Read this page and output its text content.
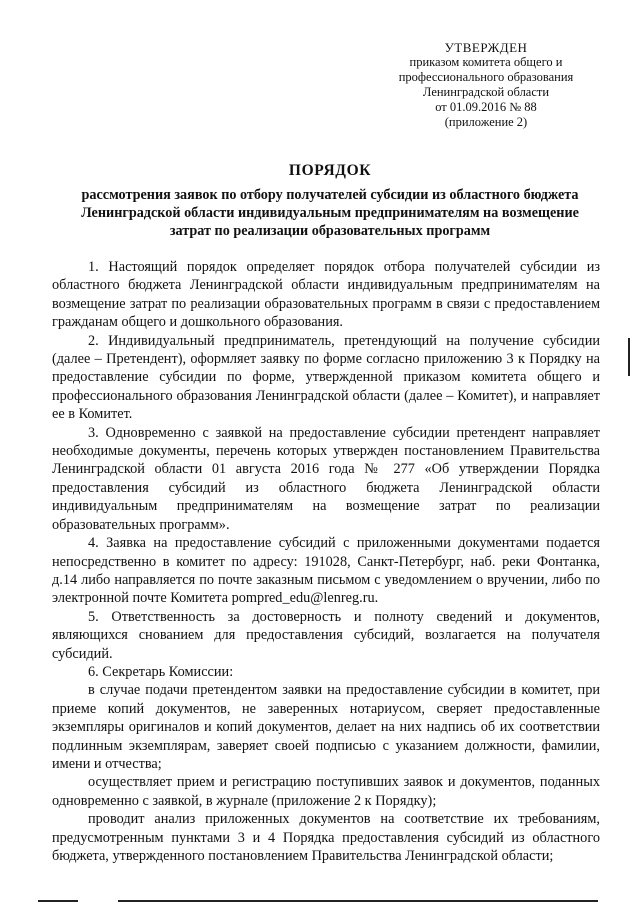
УТВЕРЖДЕН
приказом комитета общего и
профессионального образования
Ленинградской области
от 01.09.2016 № 88
(приложение 2)
ПОРЯДОК
рассмотрения заявок по отбору получателей субсидии из областного бюджета Ленинградской области индивидуальным предпринимателям на возмещение затрат по реализации образовательных программ

1. Настоящий порядок определяет порядок отбора получателей субсидии из областного бюджета Ленинградской области индивидуальным предпринимателям на возмещение затрат по реализации образовательных программ в связи с предоставлением гражданам общего и дошкольного образования.

2. Индивидуальный предприниматель, претендующий на получение субсидии (далее – Претендент), оформляет заявку по форме согласно приложению 3 к Порядку на предоставление субсидии по форме, утвержденной приказом комитета общего и профессионального образования Ленинградской области (далее – Комитет), и направляет ее в Комитет.

3. Одновременно с заявкой на предоставление субсидии претендент направляет необходимые документы, перечень которых утвержден постановлением Правительства Ленинградской области 01 августа 2016 года № 277 «Об утверждении Порядка предоставления субсидий из областного бюджета Ленинградской области индивидуальным предпринимателям на возмещение затрат по реализации образовательных программ».

4. Заявка на предоставление субсидий с приложенными документами подается непосредственно в комитет по адресу: 191028, Санкт-Петербург, наб. реки Фонтанка, д.14 либо направляется по почте заказным письмом с уведомлением о вручении, либо по электронной почте Комитета pompred_edu@lenreg.ru.

5. Ответственность за достоверность и полноту сведений и документов, являющихся снованием для предоставления субсидий, возлагается на получателя субсидий.

6. Секретарь Комиссии:

в случае подачи претендентом заявки на предоставление субсидии в комитет, при приеме копий документов, не заверенных нотариусом, сверяет предоставленные экземпляры оригиналов и копий документов, делает на них надпись об их соответствии подлинным экземплярам, заверяет своей подписью с указанием должности, фамилии, имени и отчества;

осуществляет прием и регистрацию поступивших заявок и документов, поданных одновременно с заявкой, в журнале (приложение 2 к Порядку);

проводит анализ приложенных документов на соответствие их требованиям, предусмотренным пунктами 3 и 4 Порядка предоставления субсидий из областного бюджета, утвержденного постановлением Правительства Ленинградской области;
